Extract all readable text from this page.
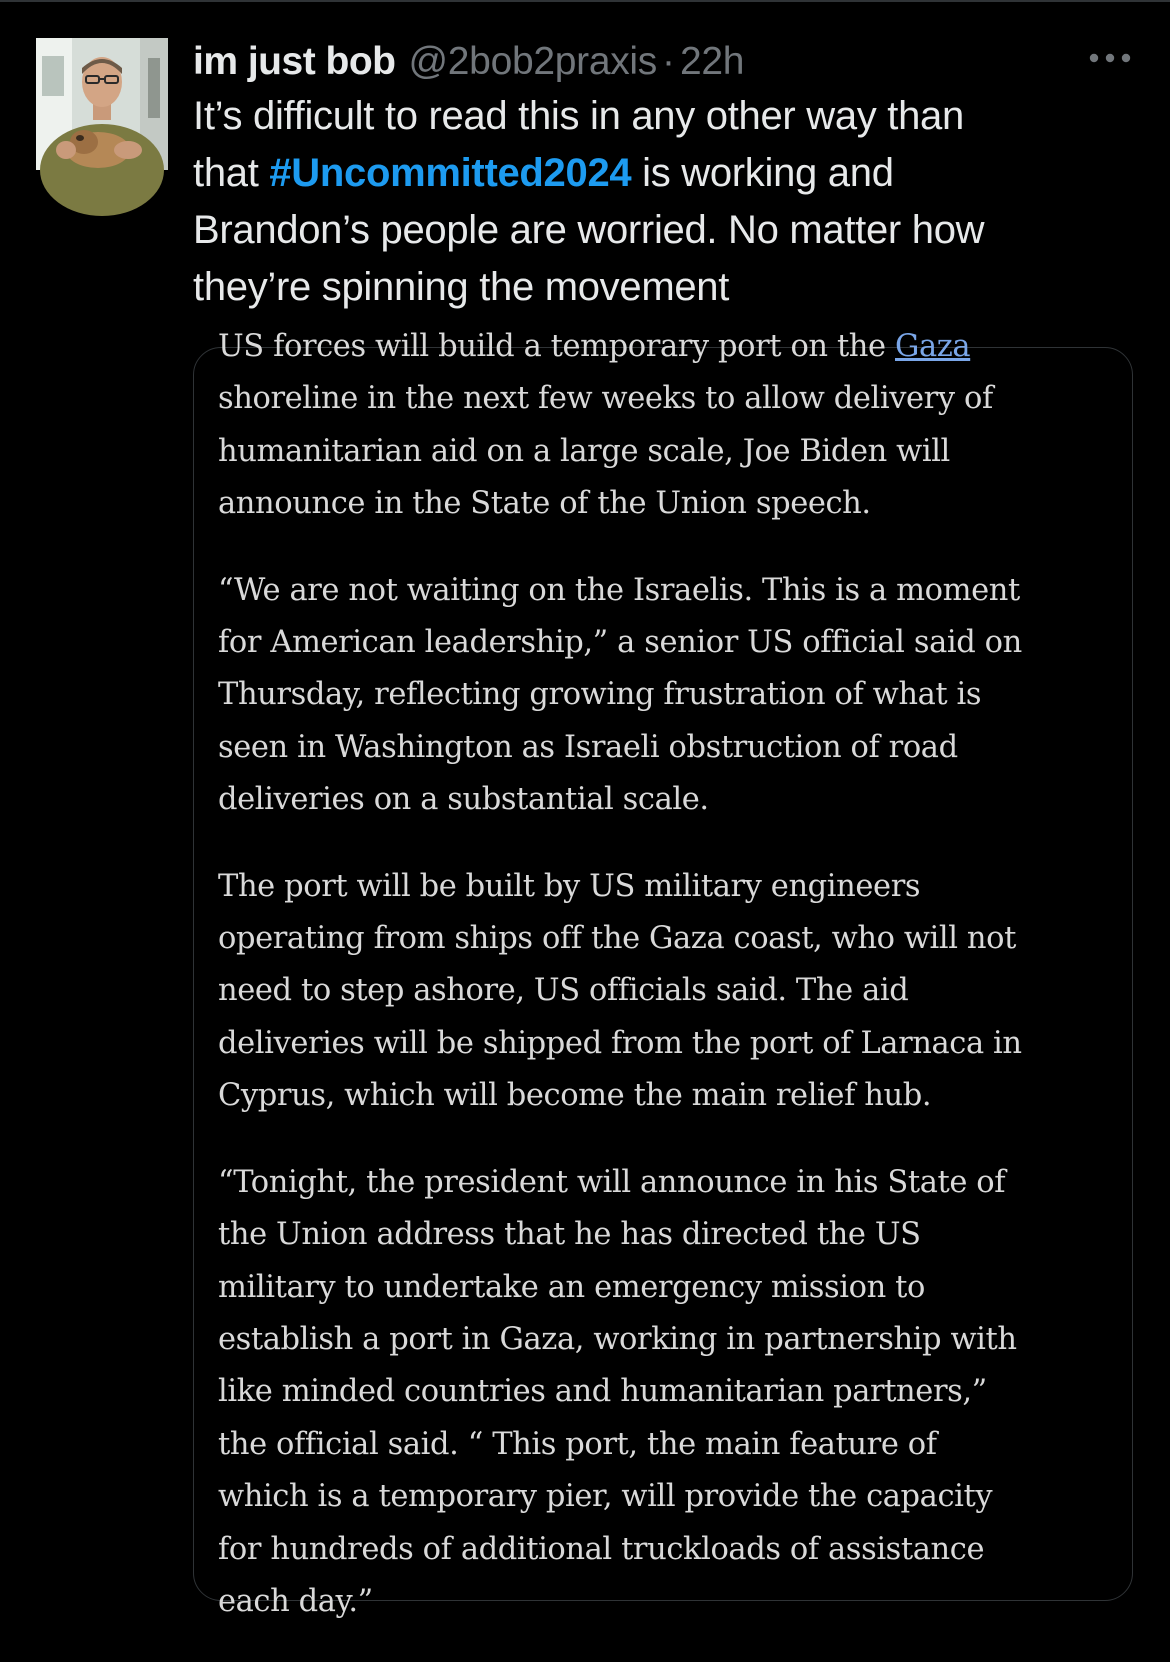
im just bob @2bob2praxis · 22h
It’s difficult to read this in any other way than
that #Uncommitted2024 is working and
Brandon’s people are worried. No matter how
they’re spinning the movement

US forces will build a temporary port on the Gaza
shoreline in the next few weeks to allow delivery of
humanitarian aid on a large scale, Joe Biden will
announce in the State of the Union speech.

“We are not waiting on the Israelis. This is a moment
for American leadership,” a senior US official said on
Thursday, reflecting growing frustration of what is
seen in Washington as Israeli obstruction of road
deliveries on a substantial scale.

The port will be built by US military engineers
operating from ships off the Gaza coast, who will not
need to step ashore, US officials said. The aid
deliveries will be shipped from the port of Larnaca in
Cyprus, which will become the main relief hub.

“Tonight, the president will announce in his State of
the Union address that he has directed the US
military to undertake an emergency mission to
establish a port in Gaza, working in partnership with
like minded countries and humanitarian partners,”
the official said. “ This port, the main feature of
which is a temporary pier, will provide the capacity
for hundreds of additional truckloads of assistance
each day.”
